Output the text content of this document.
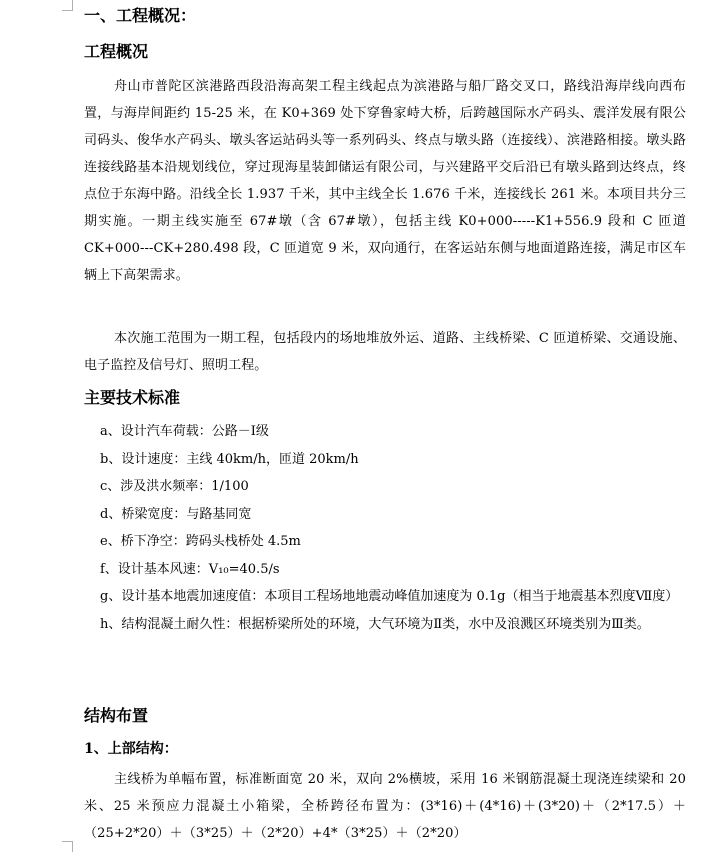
一、工程概况：
工程概况

舟山市普陀区滨港路西段沿海高架工程主线起点为滨港路与船厂路交叉口，路线沿海岸线向西布置，与海岸间距约 15-25 米，在 K0+369 处下穿鲁家峙大桥，后跨越国际水产码头、震洋发展有限公司码头、俊华水产码头、墩头客运站码头等一系列码头、终点与墩头路（连接线）、滨港路相接。墩头路连接线路基本沿规划线位，穿过现海星装卸储运有限公司，与兴建路平交后沿已有墩头路到达终点，终点位于东海中路。沿线全长 1.937 千米，其中主线全长 1.676 千米，连接线长 261 米。本项目共分三期实施。一期主线实施至 67#墩（含 67#墩），包括主线 K0+000-----K1+556.9 段和 C 匝道 CK+000---CK+280.498 段，C 匝道宽 9 米，双向通行，在客运站东侧与地面道路连接，满足市区车辆上下高架需求。

本次施工范围为一期工程，包括段内的场地堆放外运、道路、主线桥梁、C 匝道桥梁、交通设施、电子监控及信号灯、照明工程。

主要技术标准
a、设计汽车荷载：公路－Ⅰ级
b、设计速度：主线 40km/h，匝道 20km/h
c、涉及洪水频率：1/100
d、桥梁宽度：与路基同宽
e、桥下净空：跨码头栈桥处 4.5m
f、设计基本风速：V₁₀=40.5/s
g、设计基本地震加速度值：本项目工程场地地震动峰值加速度为 0.1g（相当于地震基本烈度Ⅶ度）
h、结构混凝土耐久性：根据桥梁所处的环境，大气环境为Ⅱ类，水中及浪溅区环境类别为Ⅲ类。
结构布置
1、上部结构：

主线桥为单幅布置，标准断面宽 20 米，双向 2%横坡，采用 16 米钢筋混凝土现浇连续梁和 20 米、25 米预应力混凝土小箱梁，全桥跨径布置为：(3*16)＋(4*16)＋(3*20)＋（2*17.5）＋（25+2*20）＋（3*25）＋（2*20）+4*（3*25）＋（2*20）
